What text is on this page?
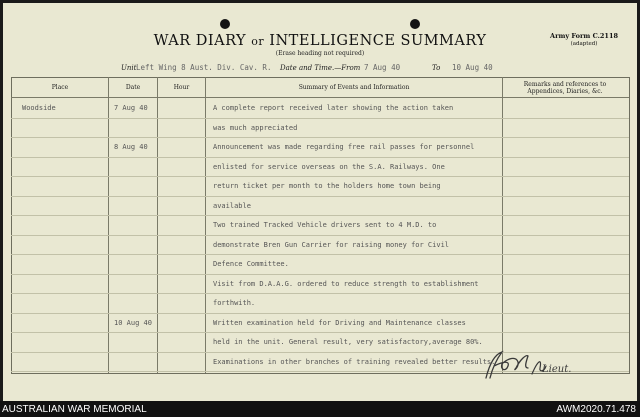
WAR DIARY or INTELLIGENCE SUMMARY
(Erase heading not required)
Army Form C.2118
(adapted)
Unit Left Wing 8 Aust. Div. Cav. R. Date and Time.—From 7 Aug 40	To 10 Aug 40
Place	Date	Hour	Summary of Events and Information	Remarks and references to Appendices, Diaries, &c.
Woodside	7 Aug 40	A complete report received later showing the action taken
was much appreciated
8 Aug 40	Announcement was made regarding free rail passes for personnel
enlisted for service overseas on the S.A. Railways. One
return ticket per month to the holders home town being
available
Two trained Tracked Vehicle drivers sent to 4 M.D. to
demonstrate Bren Gun Carrier for raising money for Civil
Defence Committee.
Visit from D.A.A.G. ordered to reduce strength to establishment
forthwith.
10 Aug 40	Written examination held for Driving and Maintenance classes
held in the unit. General result, very satisfactory,average 80%.
Examinations in other branches of training revealed better results.
Lieut.
AUSTRALIAN WAR MEMORIAL	AWM2020.71.478
